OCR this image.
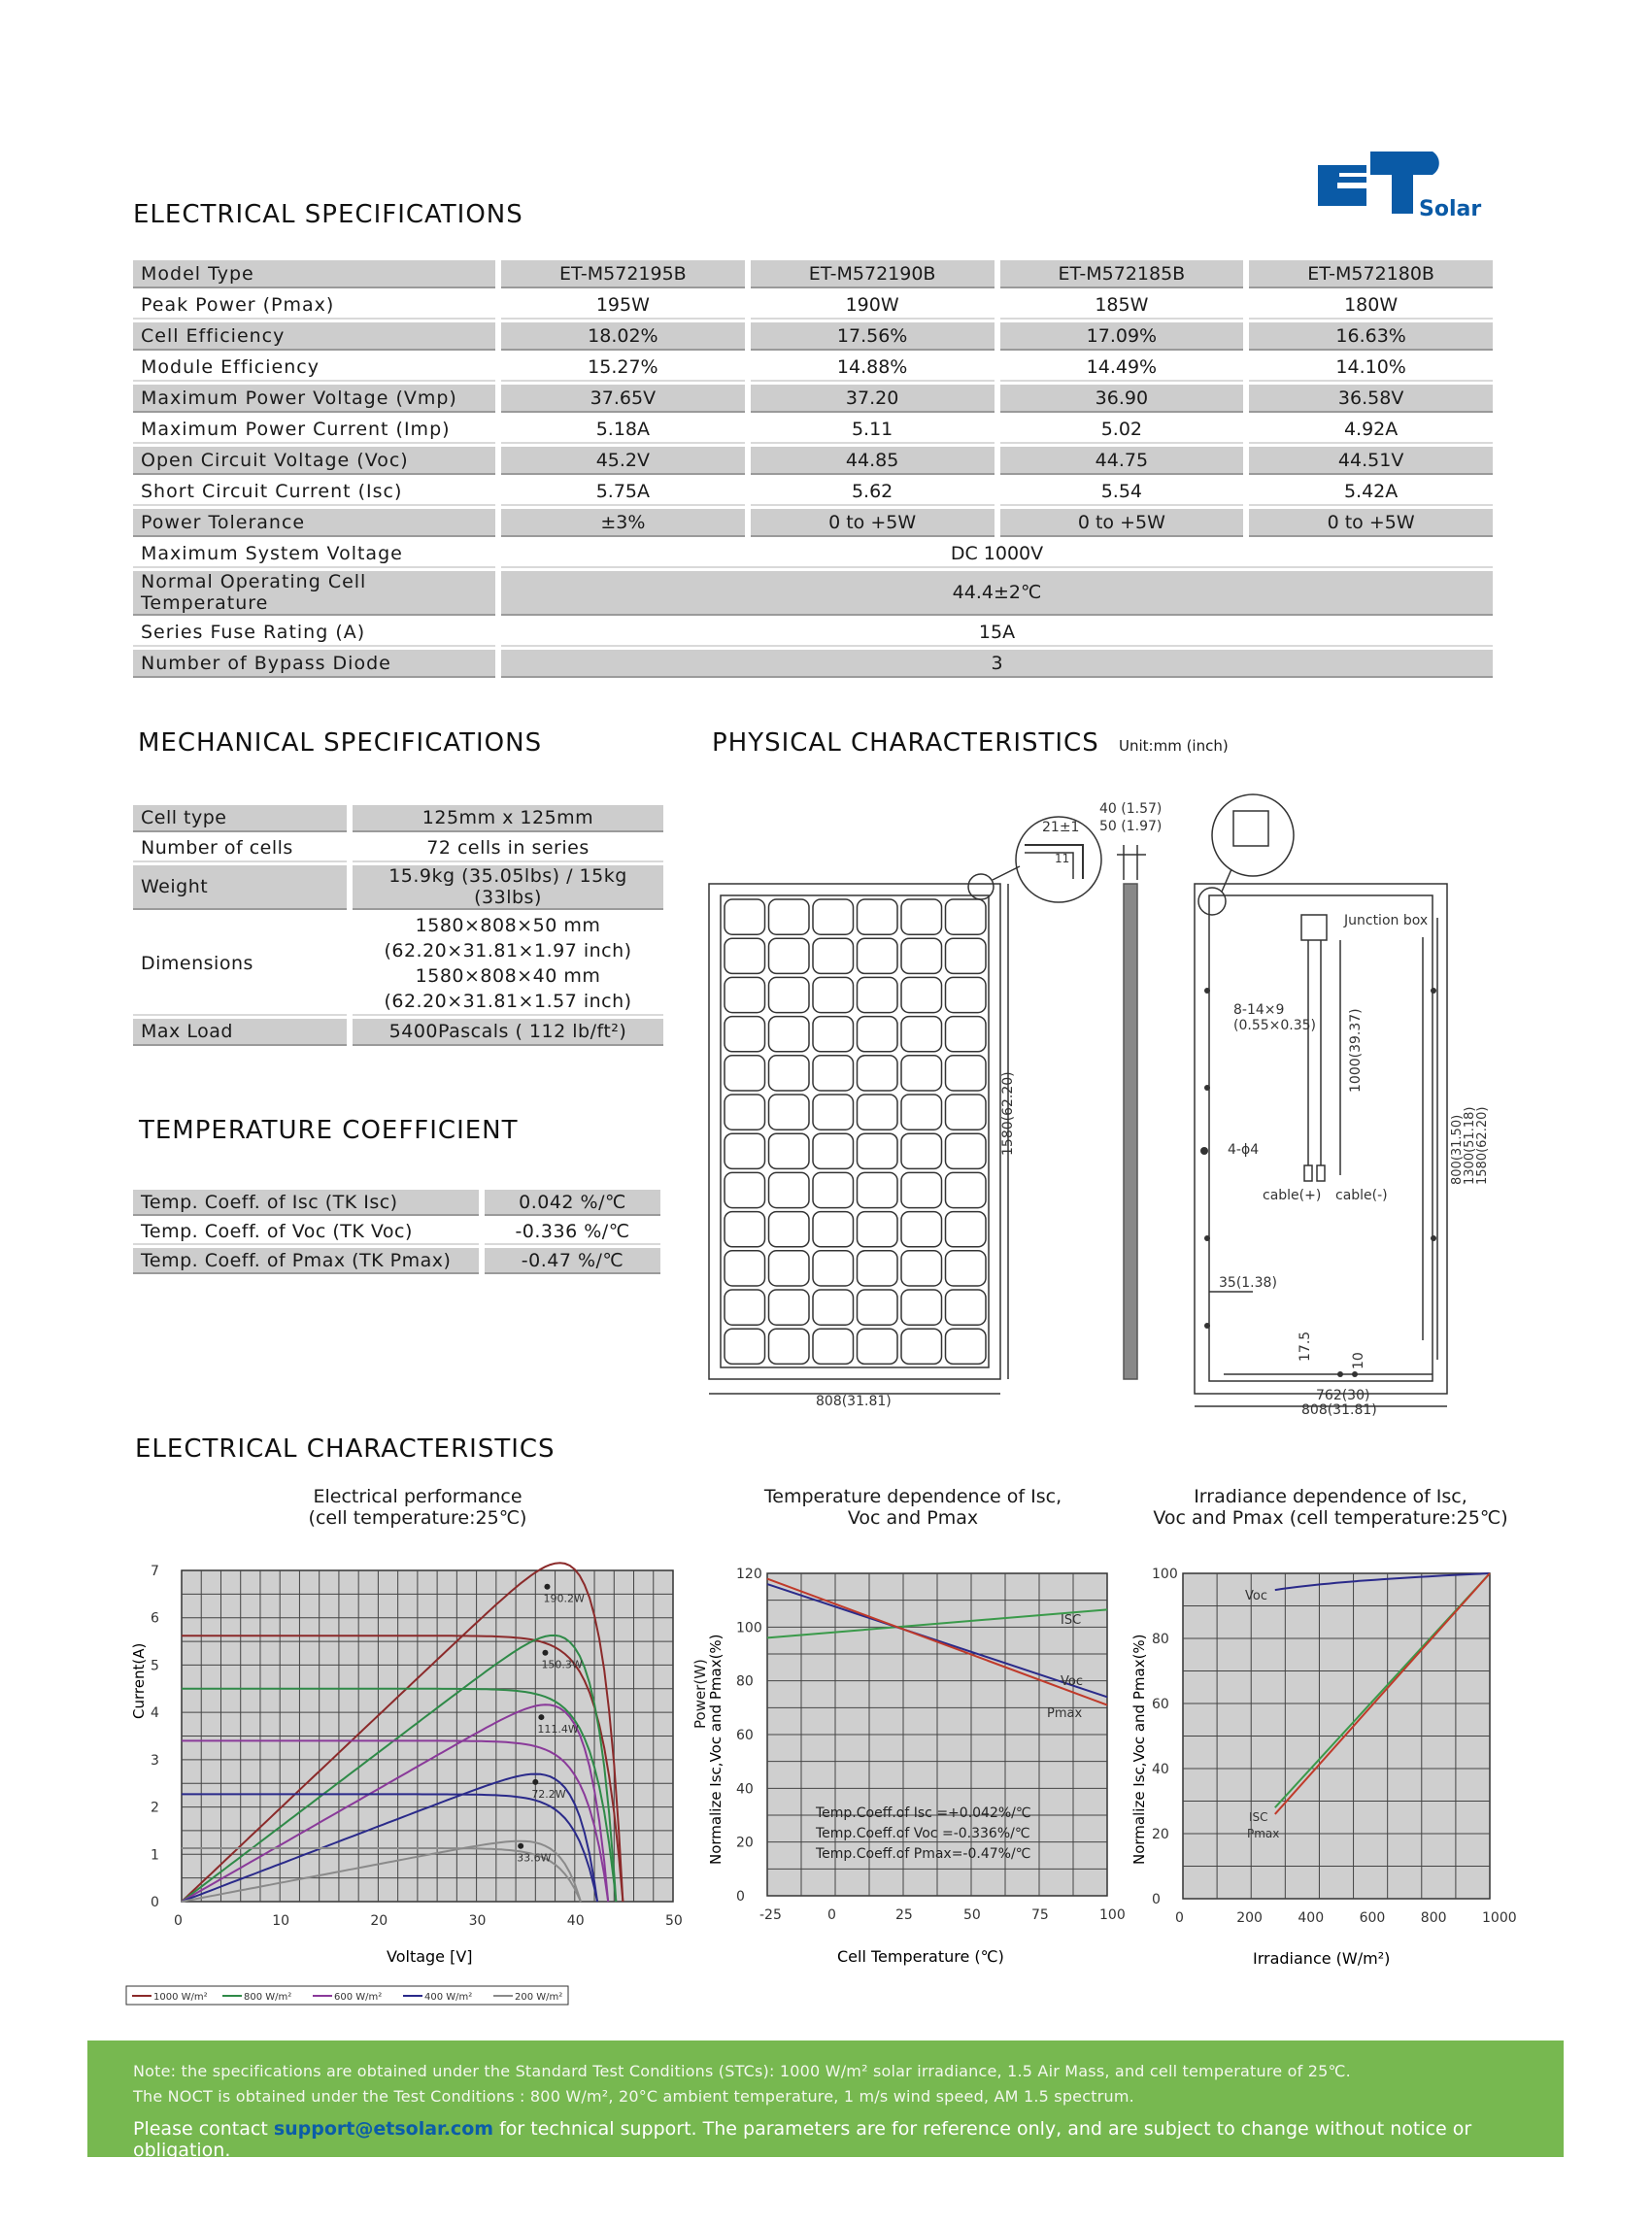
Solar
ELECTRICAL SPECIFICATIONS
Model Type	ET-M572195B	ET-M572190B	ET-M572185B	ET-M572180B
Peak Power (Pmax)	195W	190W	185W	180W
Cell Efficiency	18.02%	17.56%	17.09%	16.63%
Module Efficiency	15.27%	14.88%	14.49%	14.10%
Maximum Power Voltage (Vmp)	37.65V	37.20	36.90	36.58V
Maximum Power Current (Imp)	5.18A	5.11	5.02	4.92A
Open Circuit Voltage (Voc)	45.2V	44.85	44.75	44.51V
Short Circuit Current (Isc)	5.75A	5.62	5.54	5.42A
Power Tolerance	±3%	0 to +5W	0 to +5W	0 to +5W
Maximum System Voltage	DC 1000V			
Normal Operating Cell Temperature	44.4±2℃			
Series Fuse Rating (A)	15A			
Number of Bypass Diode	3			
MECHANICAL SPECIFICATIONS
Cell type	125mm x 125mm
Number of cells	72 cells in series
Weight	15.9kg (35.05lbs) / 15kg (33lbs)
Dimensions	1580×808×50 mm
(62.20×31.81×1.97 inch)
1580×808×40 mm
(62.20×31.81×1.57 inch)

Max Load	5400Pascals ( 112 lb/ft²)
TEMPERATURE COEFFICIENT
Temp. Coeff. of Isc (TK Isc)	0.042 %/℃
Temp. Coeff. of Voc (TK Voc)	-0.336 %/℃
Temp. Coeff. of Pmax (TK Pmax)	-0.47 %/℃
PHYSICAL CHARACTERISTICS Unit:mm (inch)
21±1
11
40 (1.57)
50 (1.97)
1580(62.20)
808(31.81)
Junction box
8-14×9
(0.55×0.35) 1000(39.37)
4-ϕ4
cable(+) cable(-)
35(1.38)
17.5	10
762(30)
808(31.81)
800(31.50)
1300(51.18)
1580(62.20)
ELECTRICAL CHARACTERISTICS
Electrical performance
(cell temperature:25℃)
0	10	20	30	40	50
0
1
2
3
4
5
6
7
190.2W
150.3W
111.4W
72.2W
33.6W
Current(A)
Voltage [V]
1000 W/m²	800 W/m²	600 W/m²	400 W/m²	200 W/m²
Power(W)
Temperature dependence of Isc,
Voc and Pmax
-25	0	25	50	75	100
0
20
40
60
80
100
120
Normalize Isc,Voc and Pmax(%)
Cell Temperature (℃)
ISC
Voc
Pmax
Temp.Coeff.of Isc =+0.042%/℃
Temp.Coeff.of Voc =-0.336%/℃
Temp.Coeff.of Pmax=-0.47%/℃
Irradiance dependence of Isc,
Voc and Pmax (cell temperature:25℃)
0	200	400	600	800	1000
0
20
40
60
80
100
Normalize Isc,Voc and Pmax(%)
Irradiance (W/m²)
Voc
ISC
Pmax
Note: the specifications are obtained under the Standard Test Conditions (STCs): 1000 W/m² solar irradiance, 1.5 Air Mass, and cell temperature of 25℃.
The NOCT is obtained under the Test Conditions : 800 W/m², 20°C ambient temperature, 1 m/s wind speed, AM 1.5 spectrum.
Please contact support@etsolar.com for technical support. The parameters are for reference only, and are subject to change without notice or obligation.
